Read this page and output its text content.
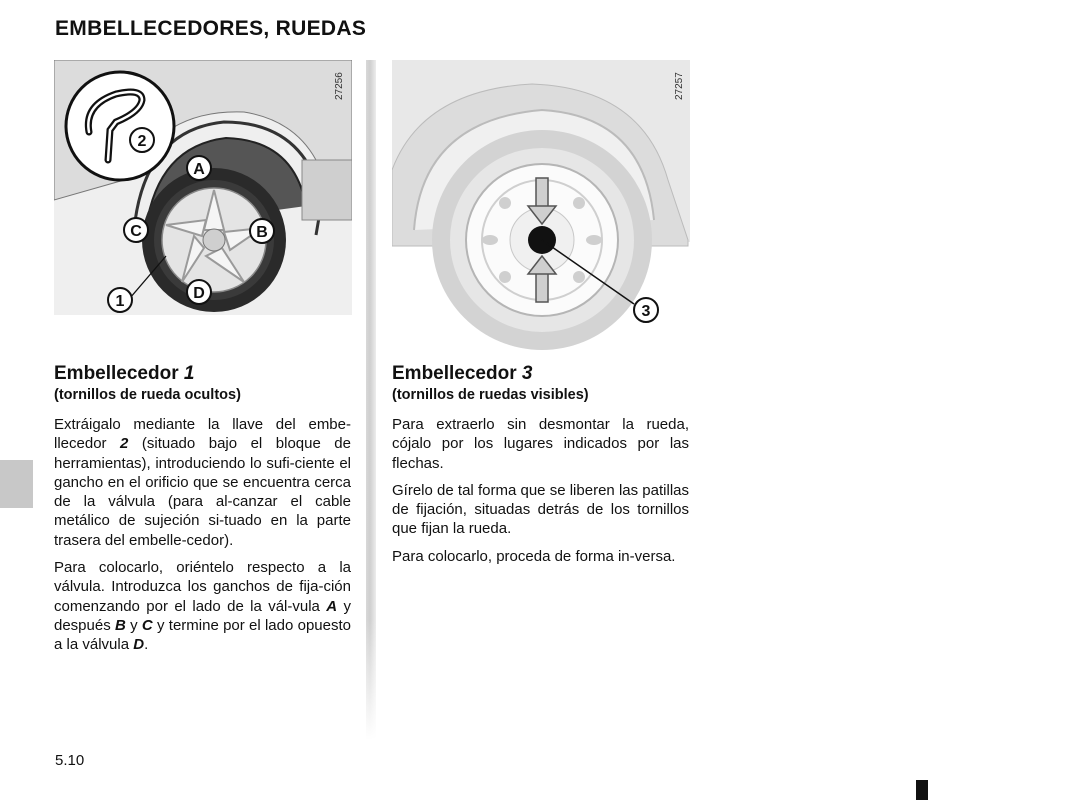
EMBELLECEDORES, RUEDAS
2
A
C	B
D
1
27256
3
27257
Embellecedor 1

(tornillos de rueda ocultos)

Extráigalo mediante la llave del embe-llecedor 2 (situado bajo el bloque de herramientas), introduciendo lo sufi-ciente el gancho en el orificio que se encuentra cerca de la válvula (para al-canzar el cable metálico de sujeción si-tuado en la parte trasera del embelle-cedor).

Para colocarlo, oriéntelo respecto a la válvula. Introduzca los ganchos de fija-ción comenzando por el lado de la vál-vula A y después B y C y termine por el lado opuesto a la válvula D.

Embellecedor 3

(tornillos de ruedas visibles)

Para extraerlo sin desmontar la rueda, cójalo por los lugares indicados por las flechas.

Gírelo de tal forma que se liberen las patillas de fijación, situadas detrás de los tornillos que fijan la rueda.

Para colocarlo, proceda de forma in-versa.

5.10
